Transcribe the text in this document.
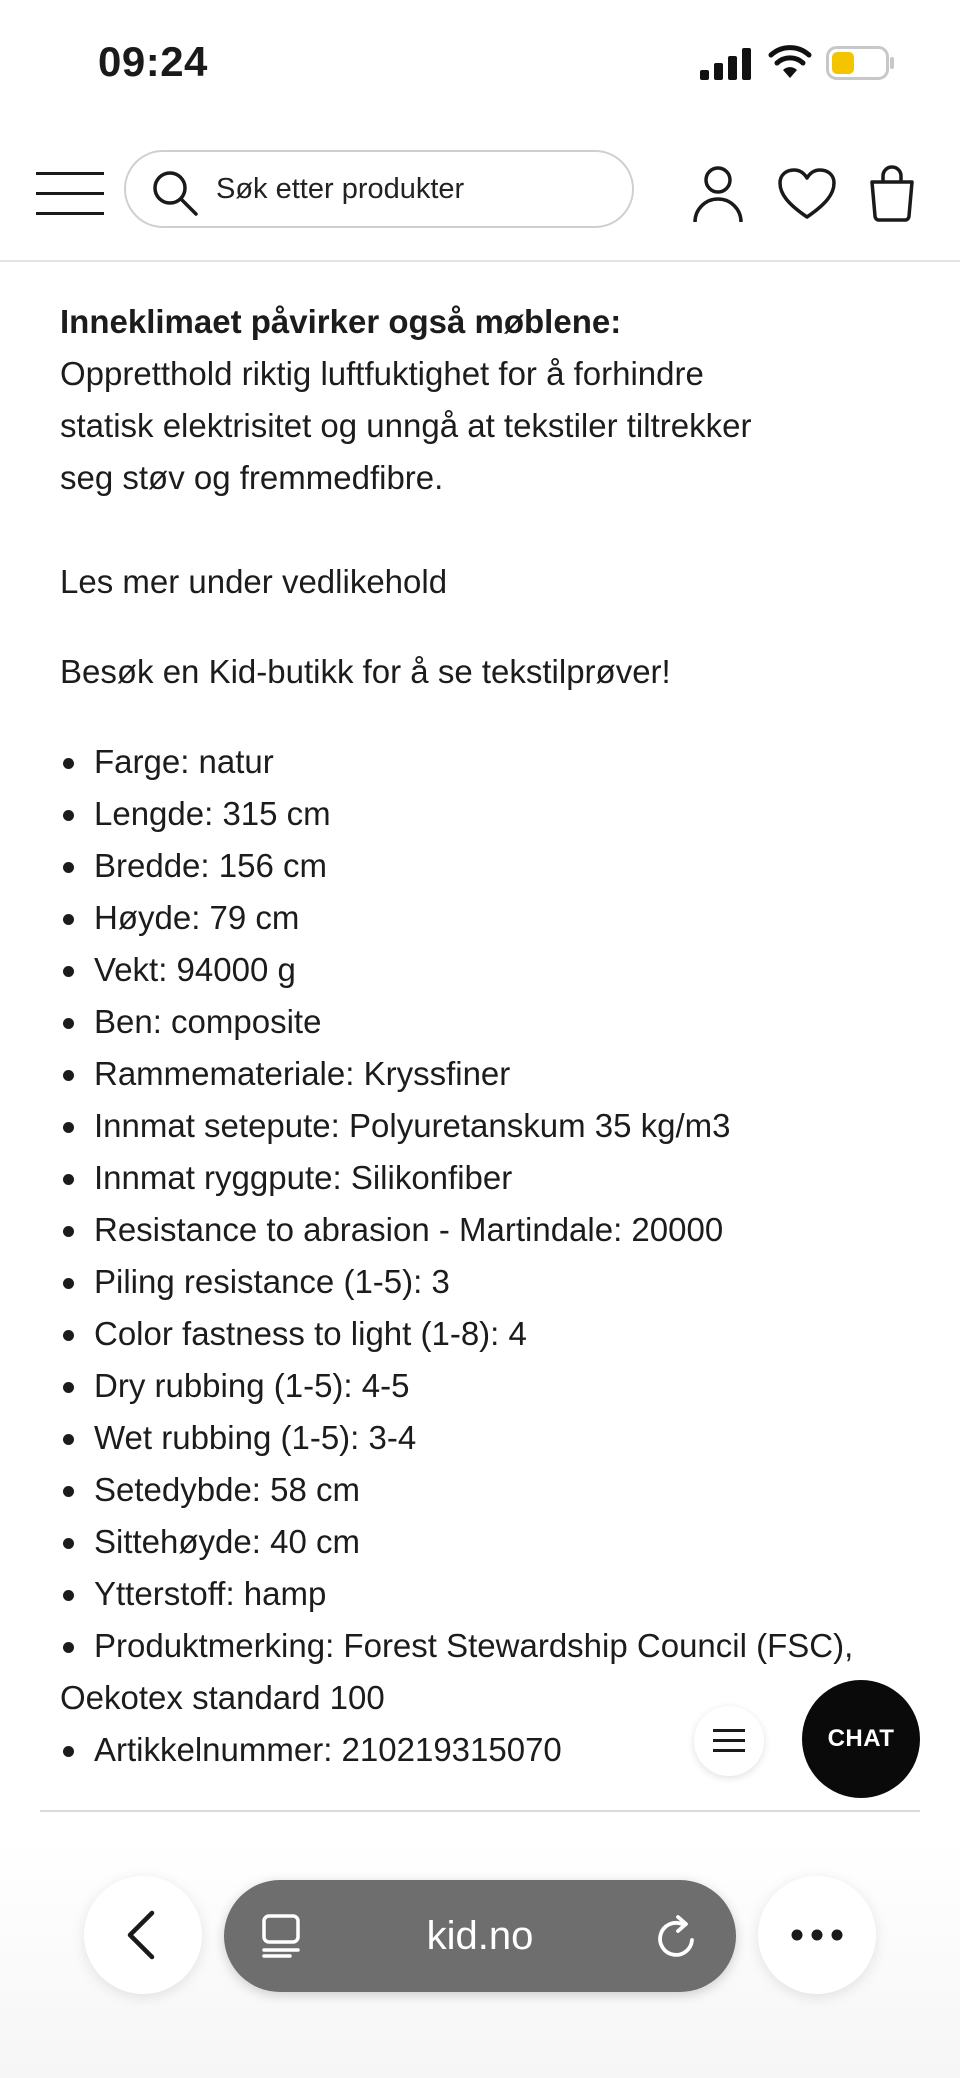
09:24
Søk etter produkter

Inneklimaet påvirker også møblene:

Oppretthold riktig luftfuktighet for å forhindre

statisk elektrisitet og unngå at tekstiler tiltrekker

seg støv og fremmedfibre.

Les mer under vedlikehold

Besøk en Kid-butikk for å se tekstilprøver!

Farge: natur
Lengde: 315 cm
Bredde: 156 cm
Høyde: 79 cm
Vekt: 94000 g
Ben: composite
Rammemateriale: Kryssfiner
Innmat setepute: Polyuretanskum 35 kg/m3
Innmat ryggpute: Silikonfiber
Resistance to abrasion - Martindale: 20000
Piling resistance (1-5): 3
Color fastness to light (1-8): 4
Dry rubbing (1-5): 4-5
Wet rubbing (1-5): 3-4
Setedybde: 58 cm
Sittehøyde: 40 cm
Ytterstoff: hamp
Produktmerking: Forest Stewardship Council (FSC), Oekotex standard 100
Artikkelnummer: 210219315070	CHAT
kid.no
